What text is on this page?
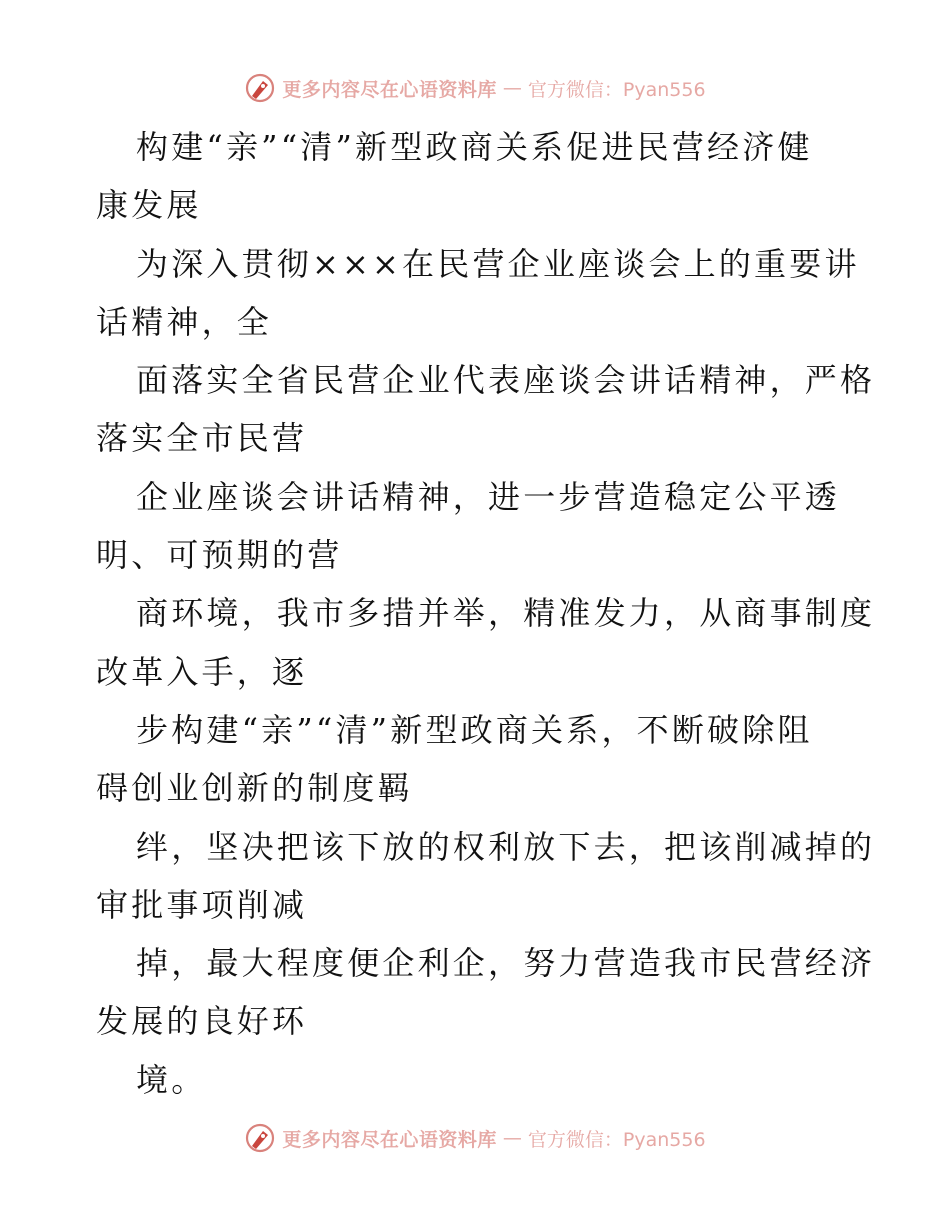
更多内容尽在心语资料库 — 官方微信：Pyan556
构建“亲”“清”新型政商关系促进民营经济健
康发展
为深入贯彻×××在民营企业座谈会上的重要讲
话精神，全
面落实全省民营企业代表座谈会讲话精神，严格
落实全市民营
企业座谈会讲话精神，进一步营造稳定公平透
明、可预期的营
商环境，我市多措并举，精准发力，从商事制度
改革入手，逐
步构建“亲”“清”新型政商关系，不断破除阻
碍创业创新的制度羁
绊，坚决把该下放的权利放下去，把该削减掉的
审批事项削减
掉，最大程度便企利企，努力营造我市民营经济
发展的良好环
境。
更多内容尽在心语资料库 — 官方微信：Pyan556
